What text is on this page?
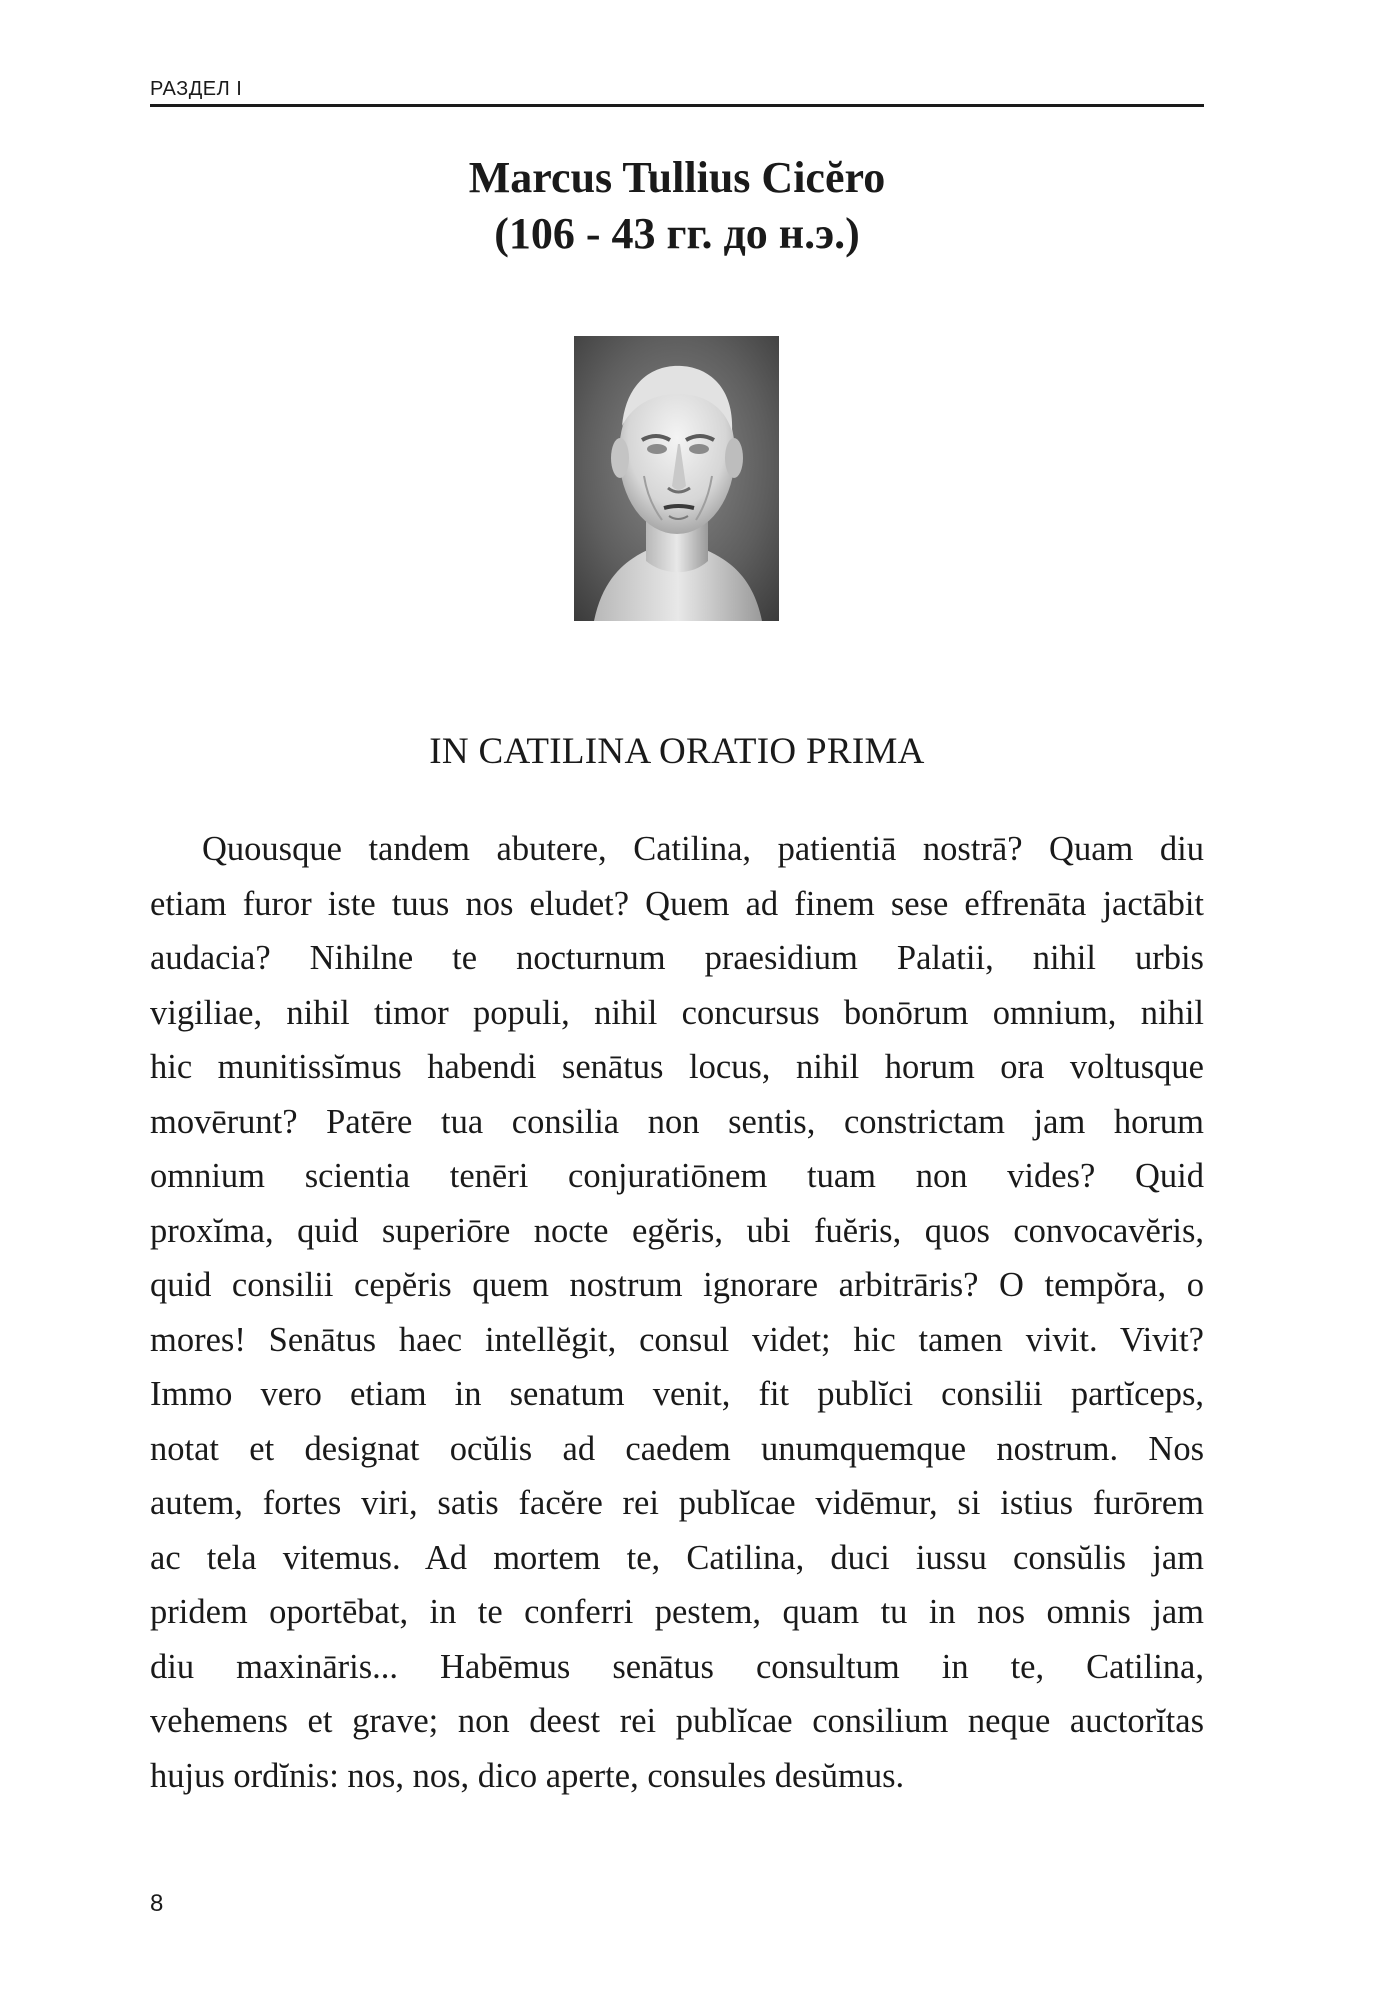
РАЗДЕЛ I
Marcus Tullius Cicĕro
(106 - 43 гг. до н.э.)
IN CATILINA ORATIO PRIMA
Quousque tandem abutere, Catilina, patientiā nostrā? Quam diu
etiam furor iste tuus nos eludet? Quem ad finem sese effrenāta jactābit
audacia? Nihilne te nocturnum praesidium Palatii, nihil urbis
vigiliae, nihil timor populi, nihil concursus bonōrum omnium, nihil
hic munitissĭmus habendi senātus locus, nihil horum ora voltusque
movērunt? Patēre tua consilia non sentis, constrictam jam horum
omnium scientia tenēri conjuratiōnem tuam non vides? Quid
proxĭma, quid superiōre nocte egĕris, ubi fuĕris, quos convocavĕris,
quid consilii cepĕris quem nostrum ignorare arbitrāris? O tempŏra, o
mores! Senātus haec intellĕgit, consul videt; hic tamen vivit. Vivit?
Immo vero etiam in senatum venit, fit publĭci consilii partĭceps,
notat et designat ocŭlis ad caedem unumquemque nostrum. Nos
autem, fortes viri, satis facĕre rei publĭcae vidēmur, si istius furōrem
ac tela vitemus. Ad mortem te, Catilina, duci iussu consŭlis jam
pridem oportēbat, in te conferri pestem, quam tu in nos omnis jam
diu maxināris... Habēmus senātus consultum in te, Catilina,
vehemens et grave; non deest rei publĭcae consilium neque auctorĭtas
hujus ordĭnis: nos, nos, dico aperte, consules desŭmus.
8
